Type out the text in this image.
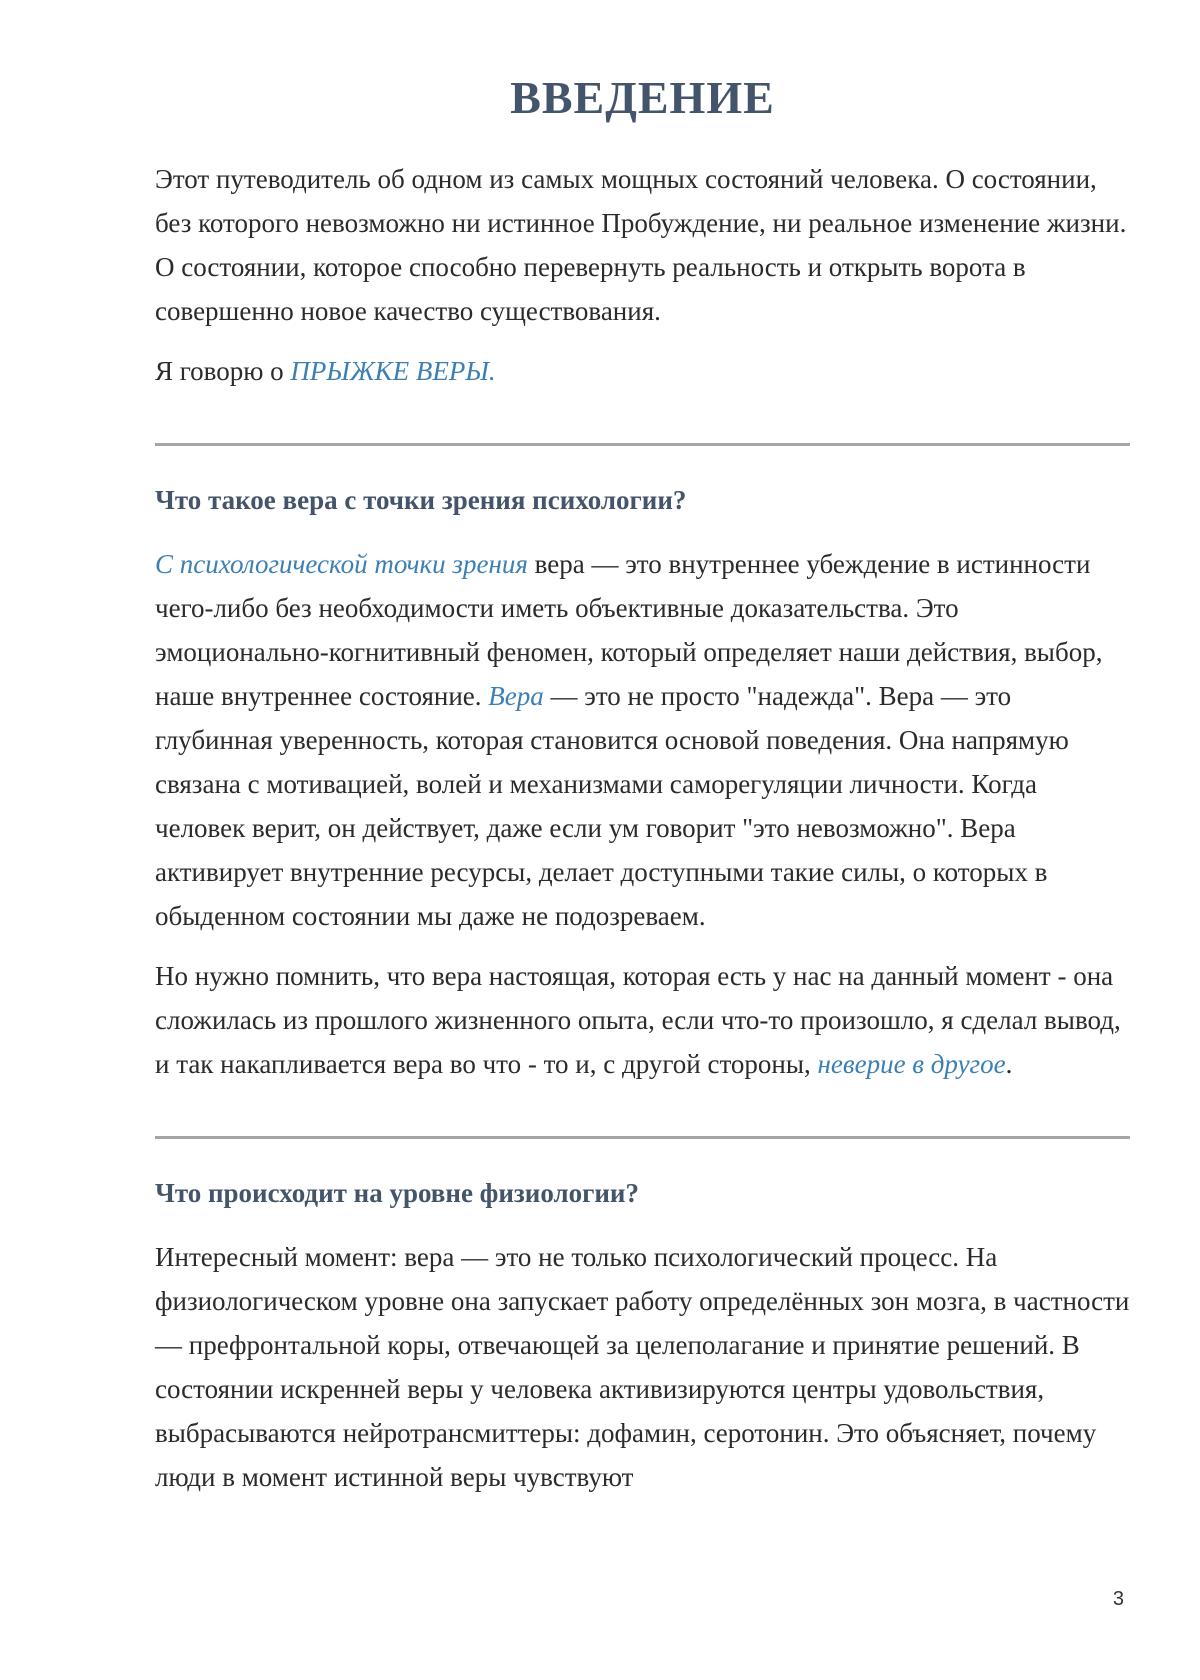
ВВЕДЕНИЕ

Этот путеводитель об одном из самых мощных состояний человека. О состоянии, без которого невозможно ни истинное Пробуждение, ни реальное изменение жизни. О состоянии, которое способно перевернуть реальность и открыть ворота в совершенно новое качество существования.

Я говорю о ПРЫЖКЕ ВЕРЫ.

Что такое вера с точки зрения психологии?

С психологической точки зрения вера — это внутреннее убеждение в истинности чего-либо без необходимости иметь объективные доказательства. Это эмоционально-когнитивный феномен, который определяет наши действия, выбор, наше внутреннее состояние. Вера — это не просто "надежда". Вера — это глубинная уверенность, которая становится основой поведения. Она напрямую связана с мотивацией, волей и механизмами саморегуляции личности. Когда человек верит, он действует, даже если ум говорит "это невозможно". Вера активирует внутренние ресурсы, делает доступными такие силы, о которых в обыденном состоянии мы даже не подозреваем.

Но нужно помнить, что вера настоящая, которая есть у нас на данный момент - она сложилась из прошлого жизненного опыта, если что-то произошло, я сделал вывод, и так накапливается вера во что - то и, с другой стороны, неверие в другое.

Что происходит на уровне физиологии?

Интересный момент: вера — это не только психологический процесс. На физиологическом уровне она запускает работу определённых зон мозга, в частности — префронтальной коры, отвечающей за целеполагание и принятие решений. В состоянии искренней веры у человека активизируются центры удовольствия, выбрасываются нейротрансмиттеры: дофамин, серотонин. Это объясняет, почему люди в момент истинной веры чувствуют

3
